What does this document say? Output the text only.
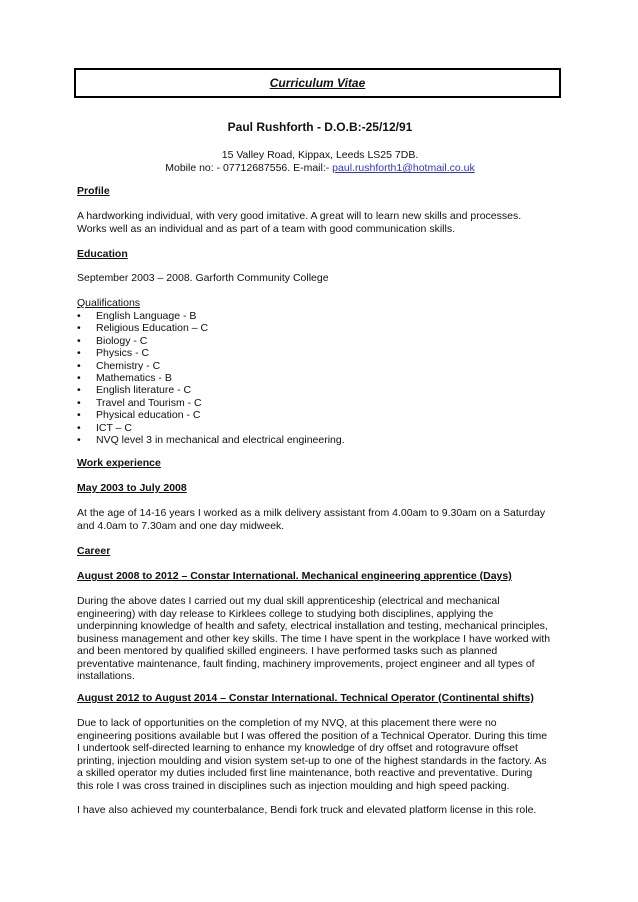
Curriculum Vitae
Paul Rushforth - D.O.B:-25/12/91
15 Valley Road, Kippax, Leeds LS25 7DB.
Mobile no: - 07712687556. E-mail:- paul.rushforth1@hotmail.co.uk
Profile
A hardworking individual, with very good imitative. A great will to learn new skills and processes.
Works well as an individual and as part of a team with good communication skills.
Education
September 2003 – 2008. Garforth Community College
Qualifications
• English Language - B
• Religious Education – C
• Biology - C
• Physics - C
• Chemistry - C
• Mathematics - B
• English literature - C
• Travel and Tourism - C
• Physical education - C
• ICT – C
• NVQ level 3 in mechanical and electrical engineering.
Work experience
May 2003 to July 2008
At the age of 14-16 years I worked as a milk delivery assistant from 4.00am to 9.30am on a Saturday
and 4.0am to 7.30am and one day midweek.
Career
August 2008 to 2012 – Constar International. Mechanical engineering apprentice (Days)
During the above dates I carried out my dual skill apprenticeship (electrical and mechanical
engineering) with day release to Kirklees college to studying both disciplines, applying the
underpinning knowledge of health and safety, electrical installation and testing, mechanical principles,
business management and other key skills. The time I have spent in the workplace I have worked with
and been mentored by qualified skilled engineers. I have performed tasks such as planned
preventative maintenance, fault finding, machinery improvements, project engineer and all types of
installations.
August 2012 to August 2014 – Constar International. Technical Operator (Continental shifts)
Due to lack of opportunities on the completion of my NVQ, at this placement there were no
engineering positions available but I was offered the position of a Technical Operator. During this time
I undertook self-directed learning to enhance my knowledge of dry offset and rotogravure offset
printing, injection moulding and vision system set-up to one of the highest standards in the factory. As
a skilled operator my duties included first line maintenance, both reactive and preventative. During
this role I was cross trained in disciplines such as injection moulding and high speed packing.
I have also achieved my counterbalance, Bendi fork truck and elevated platform license in this role.
